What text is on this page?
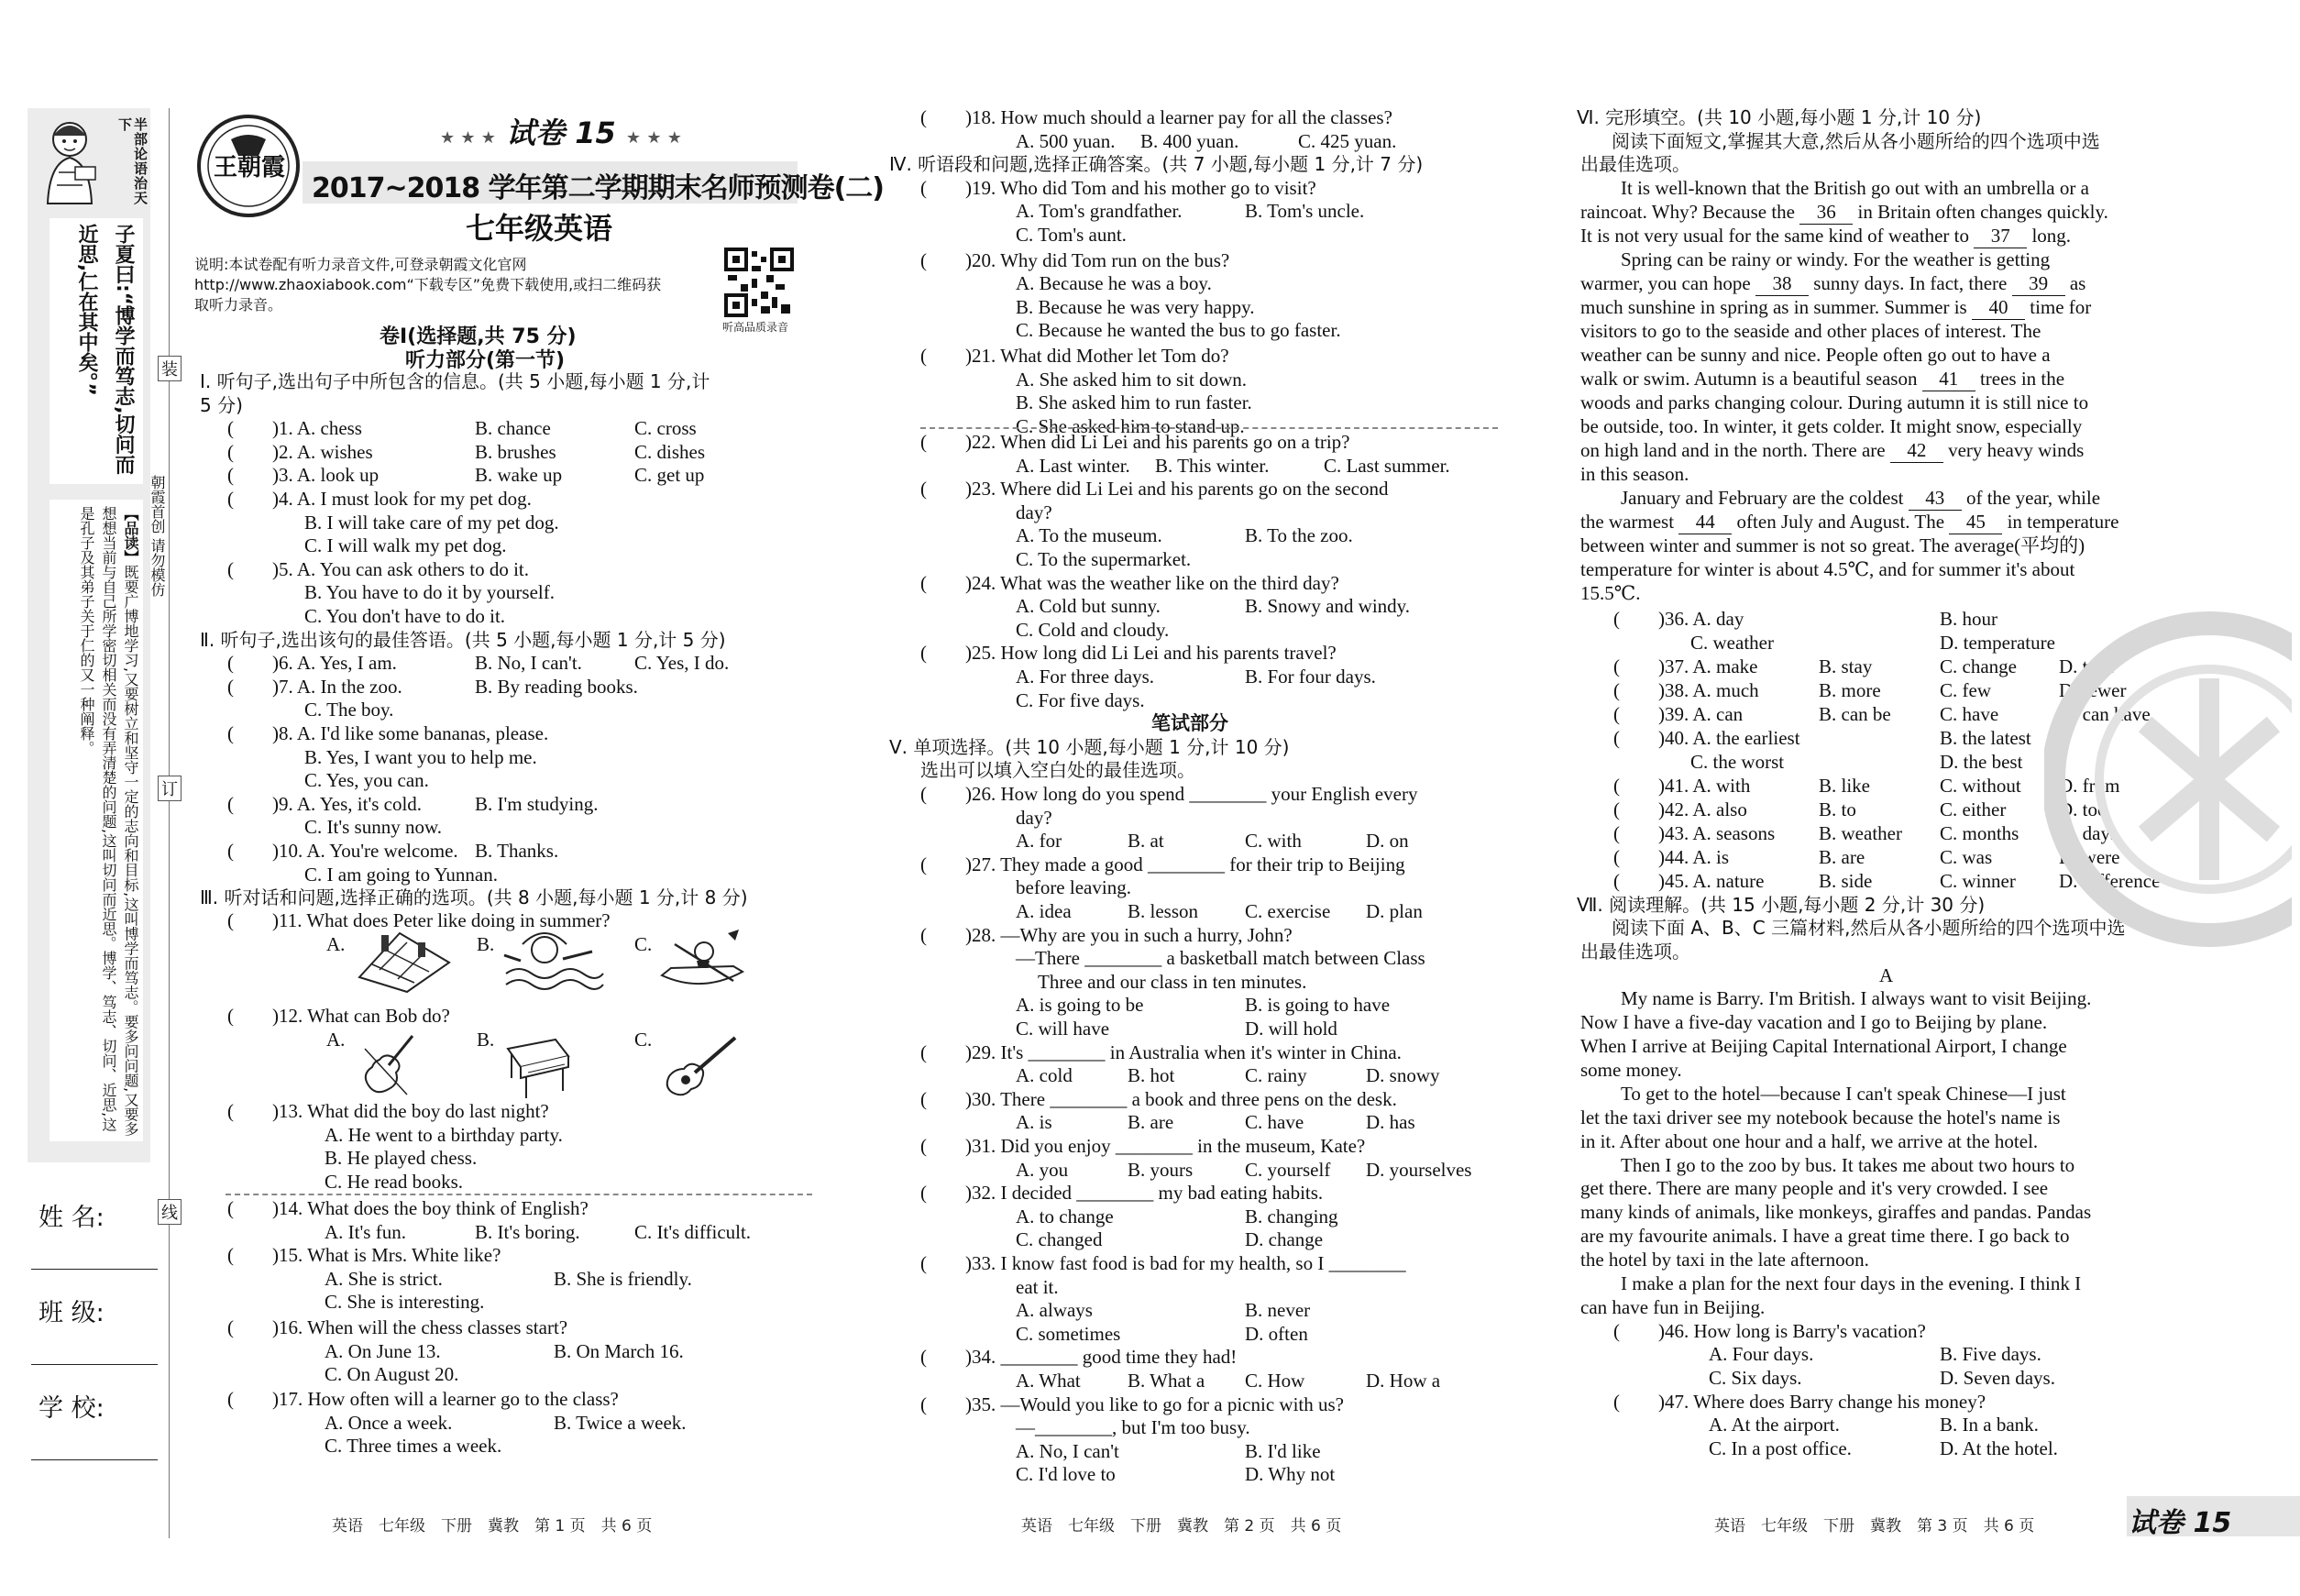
半部论语治天下
子夏曰:“博学而笃志,切问而近思,仁在其中矣。”
【品读】既要广博地学习,又要树立和坚守一定的志向和目标,这叫博学而笃志。要多问问题,又要多想想当前与自己所学密切相关而没有弄清楚的问题,这叫切问而近思。博学、笃志、切问、近思,这是孔子及其弟子关于仁的又一种阐释。
装
订
线
朝霞首创 请勿模仿
姓 名:
班 级:
学 校:
王朝霞
★ ★ ★ 试卷 15 ★ ★ ★
2017~2018 学年第二学期期末名师预测卷(二)
七年级英语
说明:本试卷配有听力录音文件,可登录朝霞文化官网 http://www.zhaoxiabook.com“下载专区”免费下载使用,或扫二维码获取听力录音。
听高品质录音
卷Ⅰ(选择题,共 75 分)
听力部分(第一节)
Ⅰ. 听句子,选出句子中所包含的信息。(共 5 小题,每小题 1 分,计
5 分)
(　　)1. A. chess	B. chance	C. cross
(　　)2. A. wishes	B. brushes	C. dishes
(　　)3. A. look up	B. wake up	C. get up
(　　)4. A. I must look for my pet dog.
　　　　B. I will take care of my pet dog.
　　　　C. I will walk my pet dog.
(　　)5. A. You can ask others to do it.
　　　　B. You have to do it by yourself.
　　　　C. You don't have to do it.
Ⅱ. 听句子,选出该句的最佳答语。(共 5 小题,每小题 1 分,计 5 分)
(　　)6. A. Yes, I am.	B. No, I can't.	C. Yes, I do.
(　　)7. A. In the zoo.	B. By reading books.
　　　　C. The boy.
(　　)8. A. I'd like some bananas, please.
　　　　B. Yes, I want you to help me.
　　　　C. Yes, you can.
(　　)9. A. Yes, it's cold.	B. I'm studying.
　　　　C. It's sunny now.
(　　)10. A. You're welcome. B. Thanks.
　　　　C. I am going to Yunnan.
Ⅲ. 听对话和问题,选择正确的选项。(共 8 小题,每小题 1 分,计 8 分)
(　　)11. What does Peter like doing in summer?
A.	B.	C.
(　　)12. What can Bob do?
A.	B.	C.
(　　)13. What did the boy do last night?
A. He went to a birthday party.
B. He played chess.
C. He read books.
(　　)14. What does the boy think of English?
A. It's fun.	B. It's boring.	C. It's difficult.
(　　)15. What is Mrs. White like?
A. She is strict.	B. She is friendly.
C. She is interesting.
(　　)16. When will the chess classes start?
A. On June 13.	B. On March 16.
C. On August 20.
(　　)17. How often will a learner go to the class?
A. Once a week.	B. Twice a week.
C. Three times a week.
(　　)18. How much should a learner pay for all the classes?
A. 500 yuan. B. 400 yuan.	C. 425 yuan.
Ⅳ. 听语段和问题,选择正确答案。(共 7 小题,每小题 1 分,计 7 分)
(　　)19. Who did Tom and his mother go to visit?
A. Tom's grandfather.	B. Tom's uncle.
C. Tom's aunt.
(　　)20. Why did Tom run on the bus?
A. Because he was a boy.
B. Because he was very happy.
C. Because he wanted the bus to go faster.
(　　)21. What did Mother let Tom do?
A. She asked him to sit down.
B. She asked him to run faster.
C. She asked him to stand up.
(　　)22. When did Li Lei and his parents go on a trip?
A. Last winter. B. This winter.	C. Last summer.
(　　)23. Where did Li Lei and his parents go on the second
day?
A. To the museum.	B. To the zoo.
C. To the supermarket.
(　　)24. What was the weather like on the third day?
A. Cold but sunny.	B. Snowy and windy.
C. Cold and cloudy.
(　　)25. How long did Li Lei and his parents travel?
A. For three days.	B. For four days.
C. For five days.
笔试部分
Ⅴ. 单项选择。(共 10 小题,每小题 1 分,计 10 分)
选出可以填入空白处的最佳选项。
(　　)26. How long do you spend ________ your English every
day?
A. for	B. at	C. with	D. on
(　　)27. They made a good ________ for their trip to Beijing
before leaving.
A. idea	B. lesson C. exercise D. plan
(　　)28. —Why are you in such a hurry, John?
—There ________ a basketball match between Class
Three and our class in ten minutes.
A. is going to be	B. is going to have
C. will have	D. will hold
(　　)29. It's ________ in Australia when it's winter in China.
A. cold	B. hot	C. rainy	D. snowy
(　　)30. There ________ a book and three pens on the desk.
A. is	B. are	C. have	D. has
(　　)31. Did you enjoy ________ in the museum, Kate?
A. you	B. yours	C. yourself D. yourselves
(　　)32. I decided ________ my bad eating habits.
A. to change	B. changing
C. changed	D. change
(　　)33. I know fast food is bad for my health, so I ________
eat it.
A. always	B. never
C. sometimes	D. often
(　　)34. ________ good time they had!
A. What B. What a C. How	D. How a
(　　)35. —Would you like to go for a picnic with us?
—________, but I'm too busy.
A. No, I can't	B. I'd like
C. I'd love to	D. Why not
Ⅵ. 完形填空。(共 10 小题,每小题 1 分,计 10 分)
阅读下面短文,掌握其大意,然后从各小题所给的四个选项中选
出最佳选项。
It is well-known that the British go out with an umbrella or a
raincoat. Why? Because the 36 in Britain often changes quickly.
It is not very usual for the same kind of weather to 37 long.
Spring can be rainy or windy. For the weather is getting
warmer, you can hope 38 sunny days. In fact, there 39 as
much sunshine in spring as in summer. Summer is 40 time for
visitors to go to the seaside and other places of interest. The
weather can be sunny and nice. People often go out to have a
walk or swim. Autumn is a beautiful season 41 trees in the
woods and parks changing colour. During autumn it is still nice to
be outside, too. In winter, it gets colder. It might snow, especially
on high land and in the north. There are 42 very heavy winds
in this season.
January and February are the coldest 43 of the year, while
the warmest 44 often July and August. The 45 in temperature
between winter and summer is not so great. The average(平均的)
temperature for winter is about 4.5℃, and for summer it's about
15.5℃.
(　　)36. A. day	B. hour
　　　　C. weather	D. temperature
(　　)37. A. make	B. stay	C. change D. take
(　　)38. A. much	B. more	C. few	D. fewer
(　　)39. A. can	B. can be	C. have	D. can have
(　　)40. A. the earliest	B. the latest
　　　　C. the worst	D. the best
(　　)41. A. with	B. like	C. without D. from
(　　)42. A. also	B. to	C. either	D. too
(　　)43. A. seasons B. weather C. months D. days
(　　)44. A. is	B. are	C. was	D. were
(　　)45. A. nature	B. side	C. winner D. difference
Ⅶ. 阅读理解。(共 15 小题,每小题 2 分,计 30 分)
阅读下面 A、B、C 三篇材料,然后从各小题所给的四个选项中选
出最佳选项。
A
My name is Barry. I'm British. I always want to visit Beijing.
Now I have a five-day vacation and I go to Beijing by plane.
When I arrive at Beijing Capital International Airport, I change
some money.
To get to the hotel—because I can't speak Chinese—I just
let the taxi driver see my notebook because the hotel's name is
in it. After about one hour and a half, we arrive at the hotel.
Then I go to the zoo by bus. It takes me about two hours to
get there. There are many people and it's very crowded. I see
many kinds of animals, like monkeys, giraffes and pandas. Pandas
are my favourite animals. I have a great time there. I go back to
the hotel by taxi in the late afternoon.
I make a plan for the next four days in the evening. I think I
can have fun in Beijing.
(　　)46. How long is Barry's vacation?
A. Four days.	B. Five days.
C. Six days.	D. Seven days.
(　　)47. Where does Barry change his money?
A. At the airport.	B. In a bank.
C. In a post office.	D. At the hotel.
英语　七年级　下册　冀教　第 1 页　共 6 页	英语　七年级　下册　冀教　第 2 页　共 6 页	英语　七年级　下册　冀教　第 3 页　共 6 页	试卷 15
